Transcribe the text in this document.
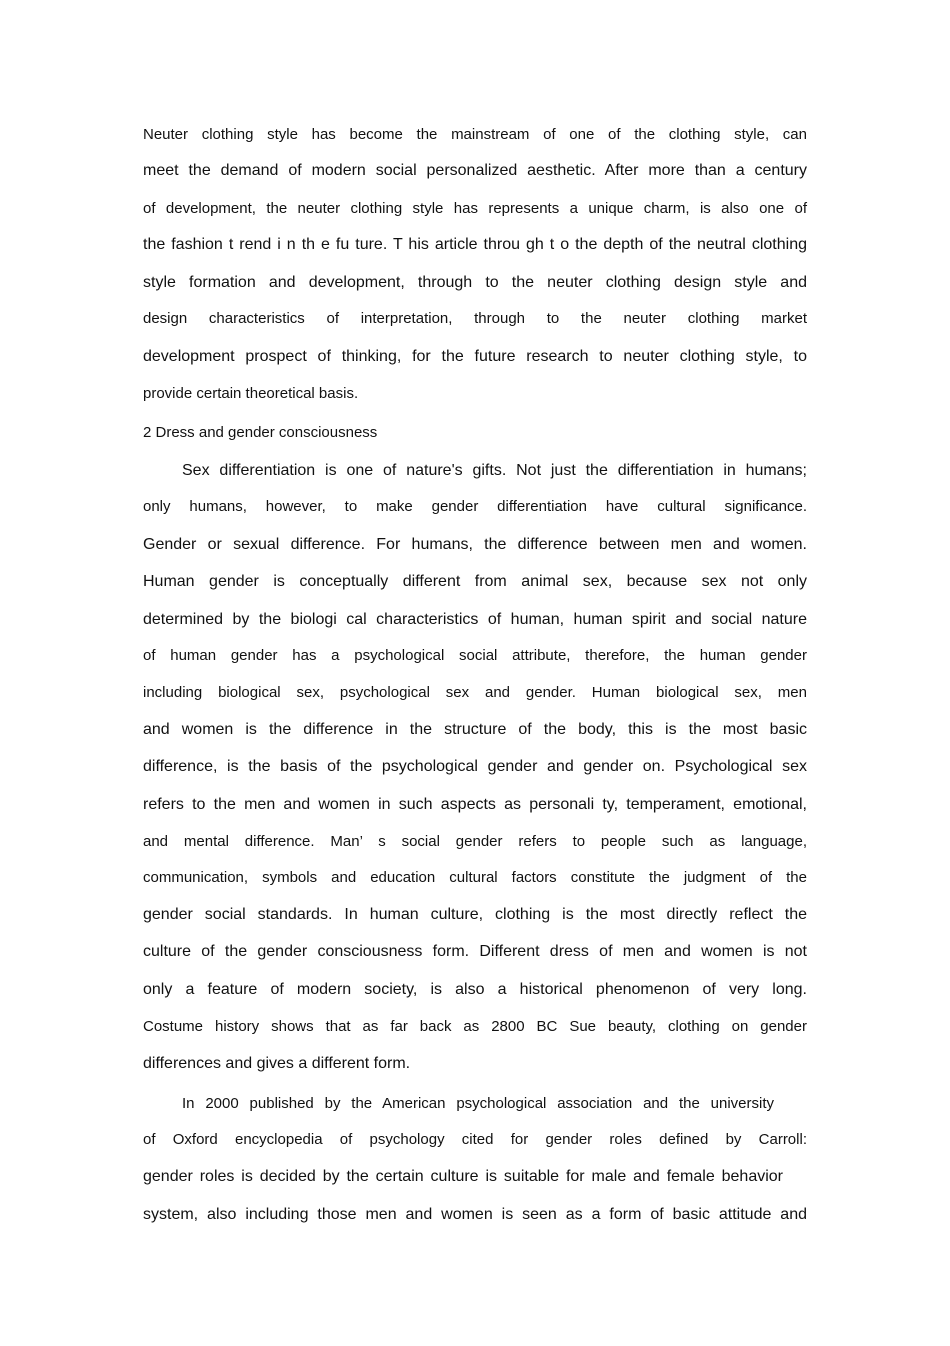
Neuter clothing style has become the mainstream of one of the clothing style, can
meet the demand of modern social personalized aesthetic. After more than a century
of development, the neuter clothing style has represents a unique charm, is also one of
the fashion t rend i n th e fu ture. T his article throu gh t o the depth of the neutral clothing
style formation and development, through to the neuter clothing design style and
design characteristics of interpretation, through to the neuter clothing market
development prospect of thinking, for the future research to neuter clothing style, to
provide certain theoretical basis.
2 Dress and gender consciousness
Sex differentiation is one of nature's gifts. Not just the differentiation in humans;
only humans, however, to make gender differentiation have cultural significance.
Gender or sexual difference. For humans, the difference between men and women.
Human gender is conceptually different from animal sex, because sex not only
determined by the biologi cal characteristics of human, human spirit and social nature
of human gender has a psychological social attribute, therefore, the human gender
including biological sex, psychological sex and gender. Human biological sex, men
and women is the difference in the structure of the body, this is the most basic
difference, is the basis of the psychological gender and gender on. Psychological sex
refers to the men and women in such aspects as personali ty, temperament, emotional,
and mental difference. Man’ s social gender refers to people such as language,
communication, symbols and education cultural factors constitute the judgment of the
gender social standards. In human culture, clothing is the most directly reflect the
culture of the gender consciousness form. Different dress of men and women is not
only a feature of modern society, is also a historical phenomenon of very long.
Costume history shows that as far back as 2800 BC Sue beauty, clothing on gender
differences and gives a different form.
In 2000 published by the American psychological association and the university
of Oxford encyclopedia of psychology cited for gender roles defined by Carroll:
gender roles is decided by the certain culture is suitable for male and female behavior
system, also including those men and women is seen as a form of basic attitude and
